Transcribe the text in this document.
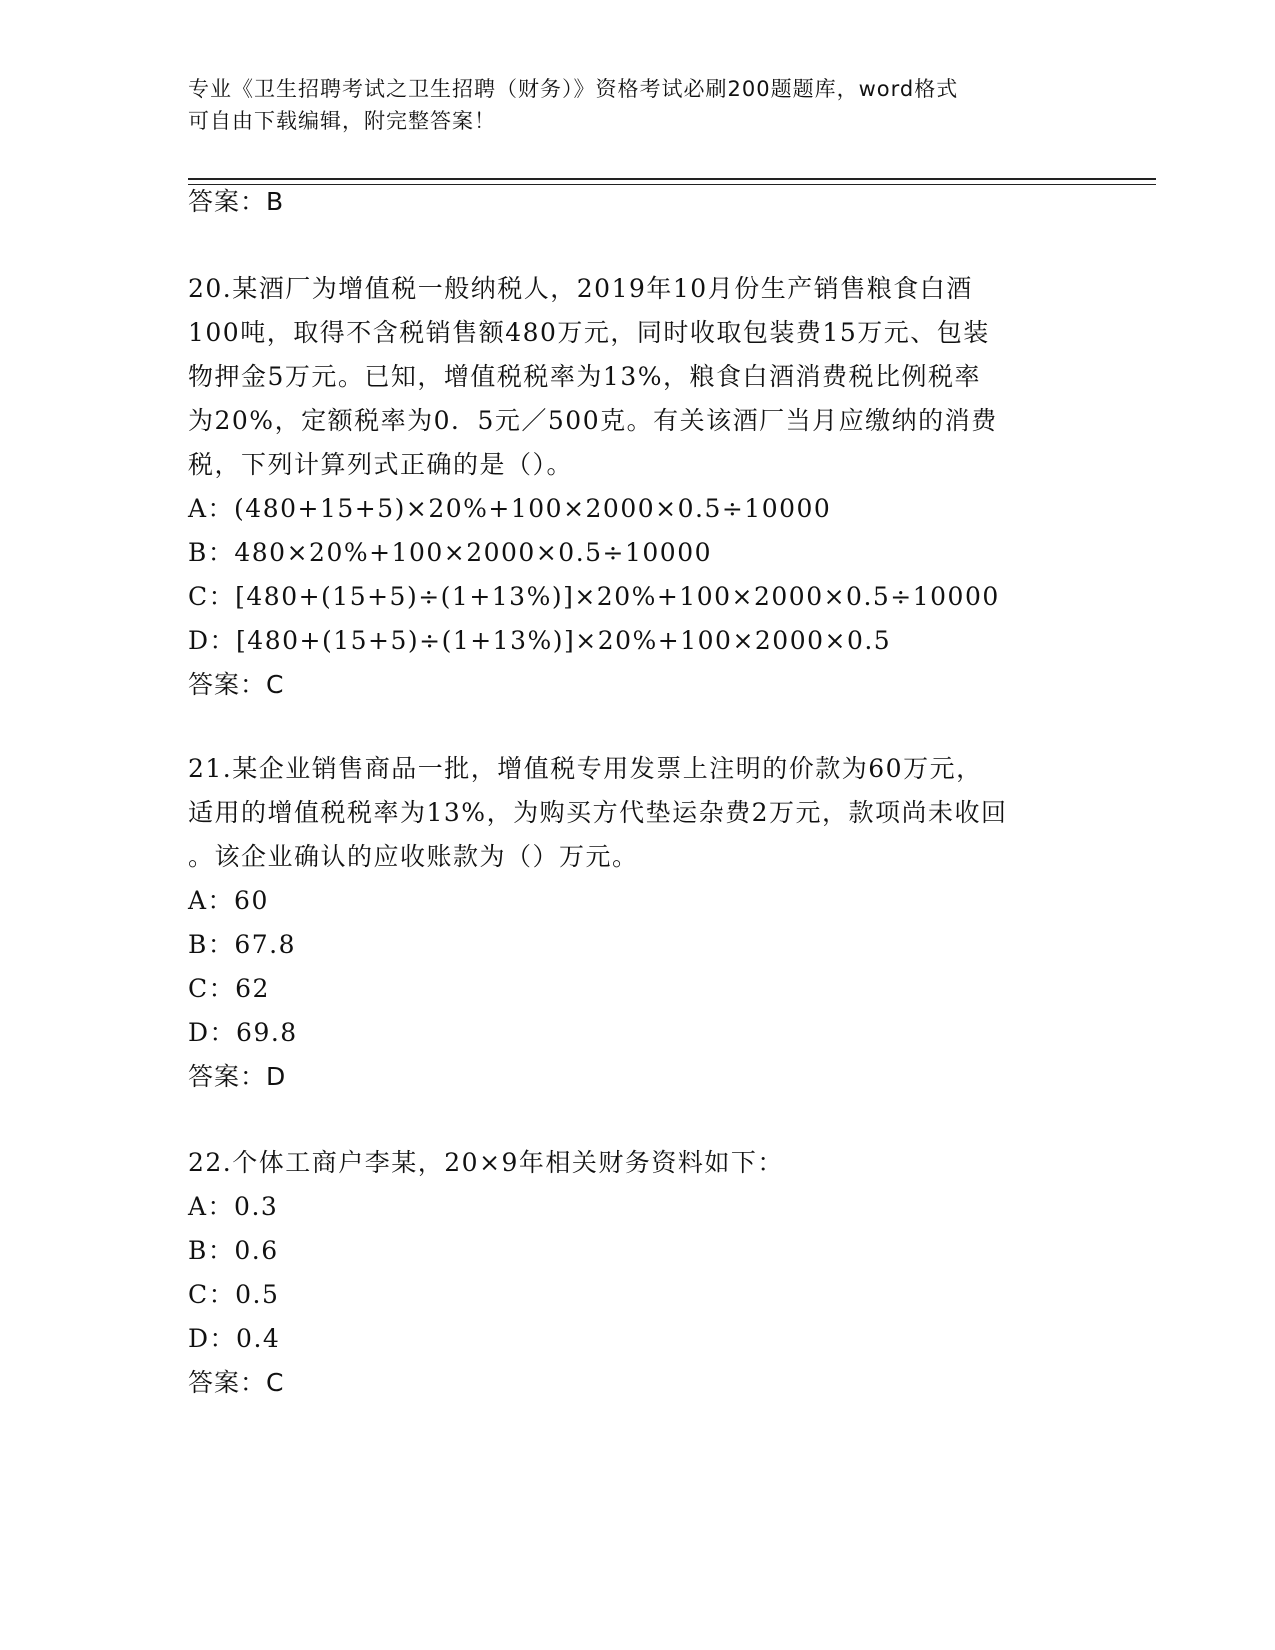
专业《卫生招聘考试之卫生招聘（财务）》资格考试必刷200题题库，word格式
可自由下载编辑，附完整答案！
答案：B
20.某酒厂为增值税一般纳税人，2019年10月份生产销售粮食白酒
100吨，取得不含税销售额480万元，同时收取包装费15万元、包装
物押金5万元。已知，增值税税率为13%，粮食白酒消费税比例税率
为20%，定额税率为0．5元／500克。有关该酒厂当月应缴纳的消费
税，下列计算列式正确的是（）。
A：(480+15+5)×20%+100×2000×0.5÷10000
B：480×20%+100×2000×0.5÷10000
C：[480+(15+5)÷(1+13%)]×20%+100×2000×0.5÷10000
D：[480+(15+5)÷(1+13%)]×20%+100×2000×0.5
答案：C
21.某企业销售商品一批，增值税专用发票上注明的价款为60万元，
适用的增值税税率为13%，为购买方代垫运杂费2万元，款项尚未收回
。该企业确认的应收账款为（）万元。
A：60
B：67.8
C：62
D：69.8
答案：D
22.个体工商户李某，20×9年相关财务资料如下：
A：0.3
B：0.6
C：0.5
D：0.4
答案：C
